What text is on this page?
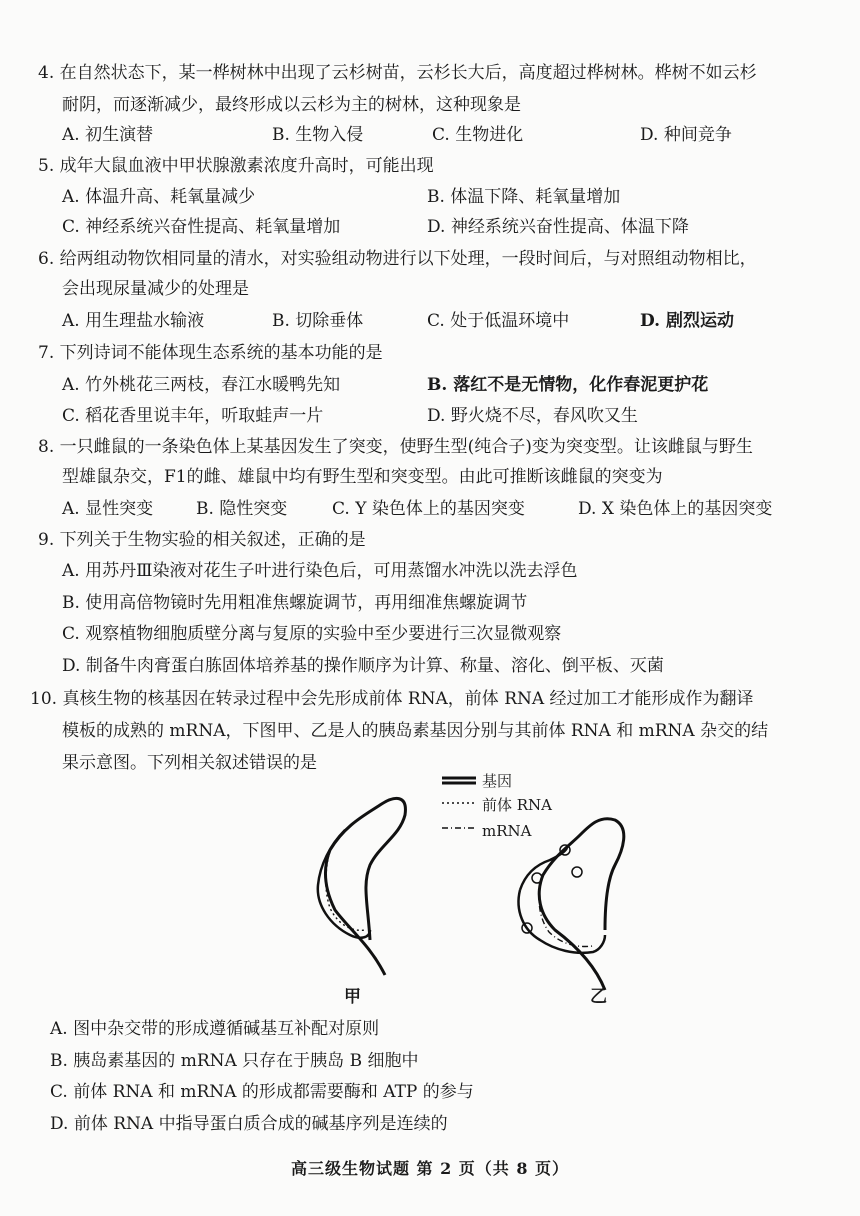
4. 在自然状态下，某一桦树林中出现了云杉树苗，云杉长大后，高度超过桦树林。桦树不如云杉
耐阴，而逐渐减少，最终形成以云杉为主的树林，这种现象是
A. 初生演替	B. 生物入侵	C. 生物进化	D. 种间竞争
5. 成年大鼠血液中甲状腺激素浓度升高时，可能出现
A. 体温升高、耗氧量减少	B. 体温下降、耗氧量增加
C. 神经系统兴奋性提高、耗氧量增加	D. 神经系统兴奋性提高、体温下降
6. 给两组动物饮相同量的清水，对实验组动物进行以下处理，一段时间后，与对照组动物相比，
会出现尿量减少的处理是
A. 用生理盐水输液	B. 切除垂体	C. 处于低温环境中	D. 剧烈运动
7. 下列诗词不能体现生态系统的基本功能的是
A. 竹外桃花三两枝，春江水暖鸭先知	B. 落红不是无情物，化作春泥更护花
C. 稻花香里说丰年，听取蛙声一片	D. 野火烧不尽，春风吹又生
8. 一只雌鼠的一条染色体上某基因发生了突变，使野生型(纯合子)变为突变型。让该雌鼠与野生
型雄鼠杂交，F1的雌、雄鼠中均有野生型和突变型。由此可推断该雌鼠的突变为
A. 显性突变	B. 隐性突变	C. Y 染色体上的基因突变	D. X 染色体上的基因突变
9. 下列关于生物实验的相关叙述，正确的是
A. 用苏丹Ⅲ染液对花生子叶进行染色后，可用蒸馏水冲洗以洗去浮色
B. 使用高倍物镜时先用粗准焦螺旋调节，再用细准焦螺旋调节
C. 观察植物细胞质壁分离与复原的实验中至少要进行三次显微观察
D. 制备牛肉膏蛋白胨固体培养基的操作顺序为计算、称量、溶化、倒平板、灭菌
10. 真核生物的核基因在转录过程中会先形成前体 RNA，前体 RNA 经过加工才能形成作为翻译
模板的成熟的 mRNA，下图甲、乙是人的胰岛素基因分别与其前体 RNA 和 mRNA 杂交的结
果示意图。下列相关叙述错误的是
基因
前体 RNA
mRNA
甲	乙
A. 图中杂交带的形成遵循碱基互补配对原则
B. 胰岛素基因的 mRNA 只存在于胰岛 B 细胞中
C. 前体 RNA 和 mRNA 的形成都需要酶和 ATP 的参与
D. 前体 RNA 中指导蛋白质合成的碱基序列是连续的
高三级生物试题 第 2 页（共 8 页）
